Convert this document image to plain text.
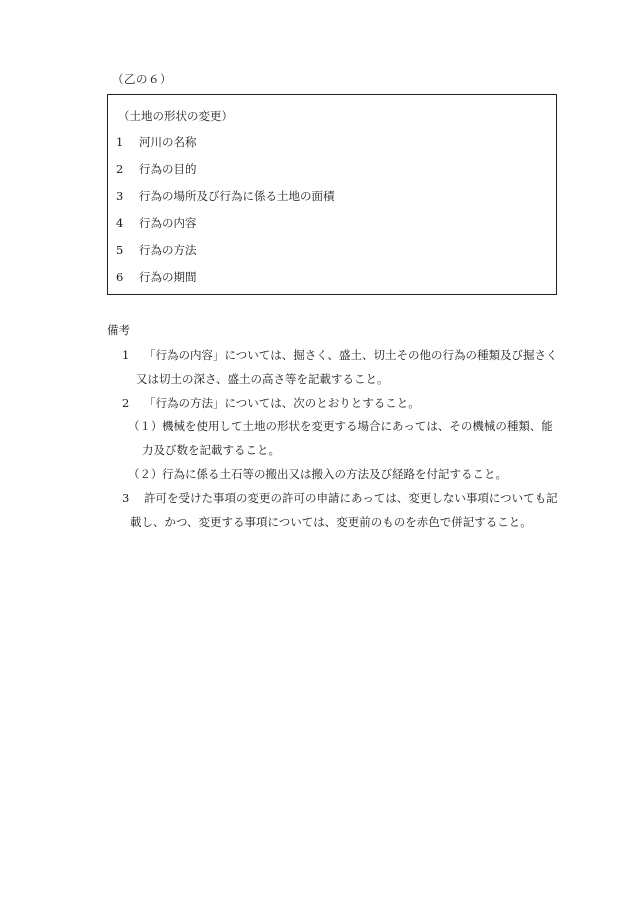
（乙の６）
（土地の形状の変更）
1 河川の名称
2 行為の目的
3 行為の場所及び行為に係る土地の面積
4 行為の内容
5 行為の方法
6 行為の期間
備考
1 「行為の内容」については、掘さく、盛土、切土その他の行為の種類及び掘さく
又は切土の深さ、盛土の高さ等を記載すること。
2 「行為の方法」については、次のとおりとすること。
（１）機械を使用して土地の形状を変更する場合にあっては、その機械の種類、能
力及び数を記載すること。
（２）行為に係る土石等の搬出又は搬入の方法及び経路を付記すること。
3 許可を受けた事項の変更の許可の申請にあっては、変更しない事項についても記
載し、かつ、変更する事項については、変更前のものを赤色で併記すること。
